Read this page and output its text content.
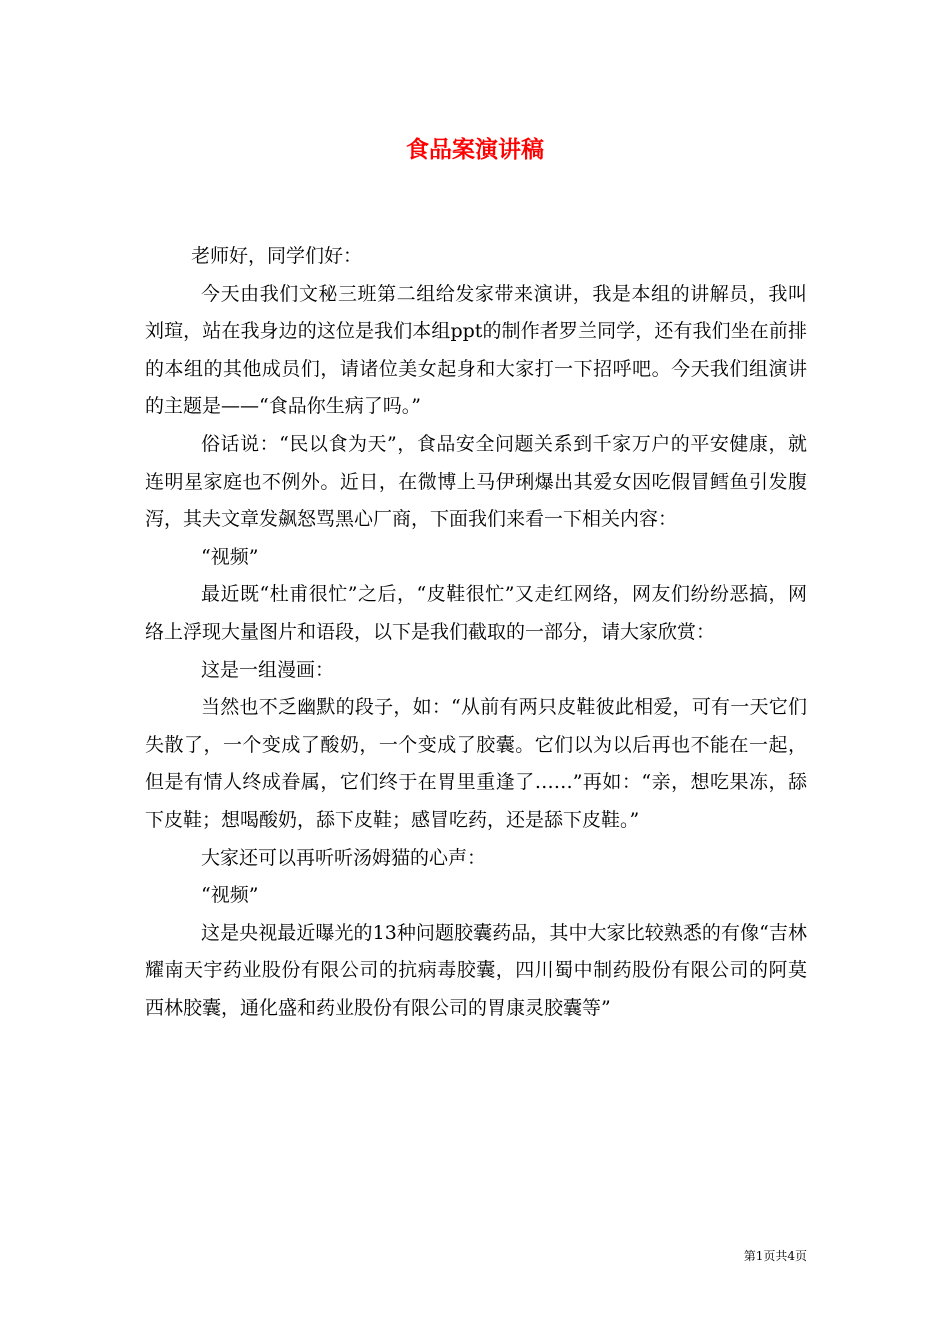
食品案演讲稿

老师好，同学们好：

今天由我们文秘三班第二组给发家带来演讲，我是本组的讲解员，我叫刘瑄，站在我身边的这位是我们本组ppt的制作者罗兰同学，还有我们坐在前排的本组的其他成员们，请诸位美女起身和大家打一下招呼吧。今天我们组演讲的主题是——“食品你生病了吗。”

俗话说：“民以食为天”，食品安全问题关系到千家万户的平安健康，就连明星家庭也不例外。近日，在微博上马伊琍爆出其爱女因吃假冒鳕鱼引发腹泻，其夫文章发飙怒骂黑心厂商，下面我们来看一下相关内容：

“视频”

最近既“杜甫很忙”之后，“皮鞋很忙”又走红网络，网友们纷纷恶搞，网络上浮现大量图片和语段，以下是我们截取的一部分，请大家欣赏：

这是一组漫画：

当然也不乏幽默的段子，如：“从前有两只皮鞋彼此相爱，可有一天它们失散了，一个变成了酸奶，一个变成了胶囊。它们以为以后再也不能在一起，但是有情人终成眷属，它们终于在胃里重逢了……”再如：“亲，想吃果冻，舔下皮鞋；想喝酸奶，舔下皮鞋；感冒吃药，还是舔下皮鞋。”

大家还可以再听听汤姆猫的心声：

“视频”

这是央视最近曝光的13种问题胶囊药品，其中大家比较熟悉的有像“吉林耀南天宇药业股份有限公司的抗病毒胶囊，四川蜀中制药股份有限公司的阿莫西林胶囊，通化盛和药业股份有限公司的胃康灵胶囊等”

第1页共4页
